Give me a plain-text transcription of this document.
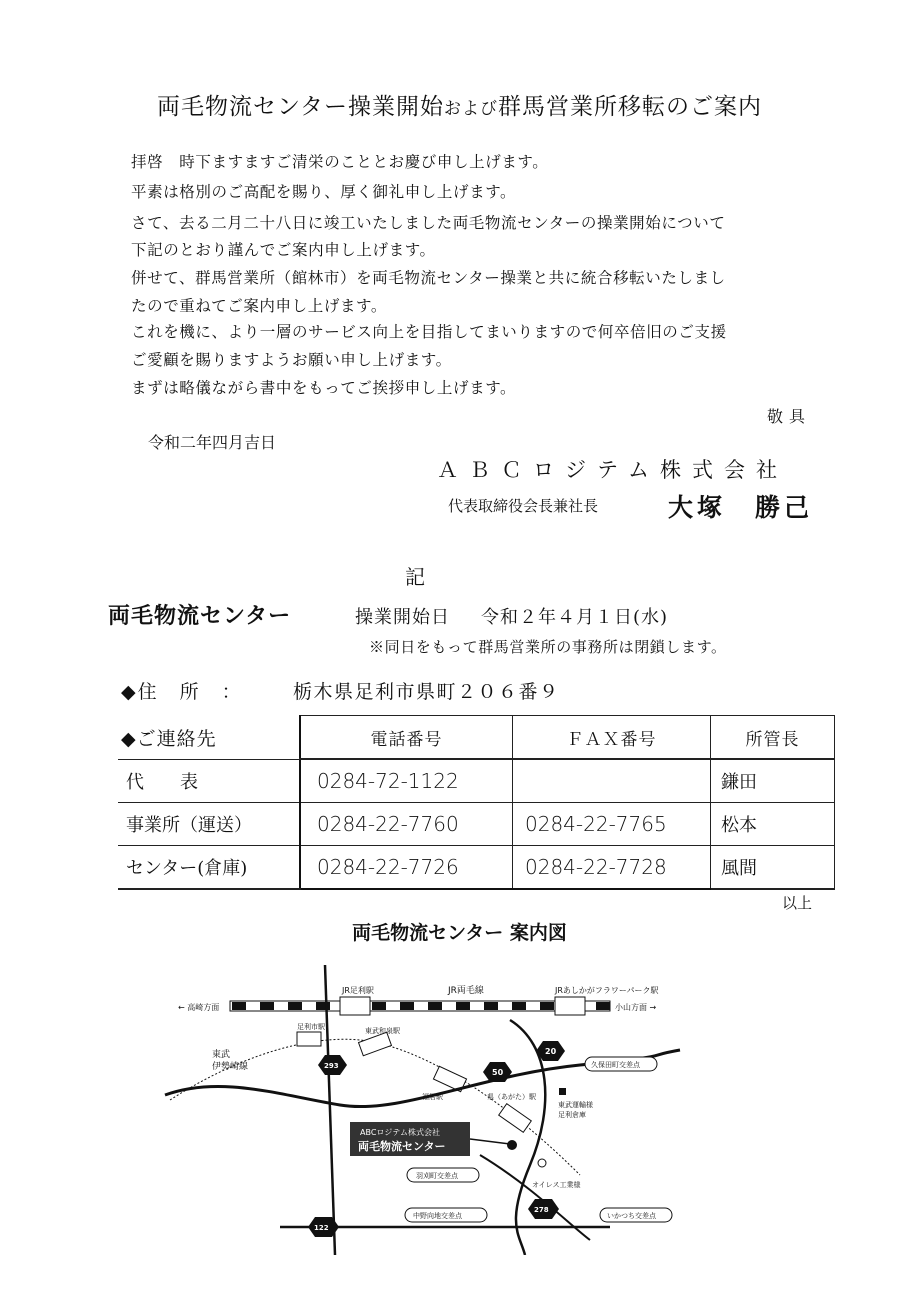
両毛物流センター操業開始および群馬営業所移転のご案内
拝啓　時下ますますご清栄のこととお慶び申し上げます。
平素は格別のご高配を賜り、厚く御礼申し上げます。
さて、去る二月二十八日に竣工いたしました両毛物流センターの操業開始について
下記のとおり謹んでご案内申し上げます。
併せて、群馬営業所（館林市）を両毛物流センター操業と共に統合移転いたしまし
たので重ねてご案内申し上げます。
これを機に、より一層のサービス向上を目指してまいりますので何卒倍旧のご支援
ご愛顧を賜りますようお願い申し上げます。
まずは略儀ながら書中をもってご挨拶申し上げます。
敬具
令和二年四月吉日
ＡＢＣロジテム株式会社
代表取締役会長兼社長	大塚　勝己
記
両毛物流センター	操業開始日 令和２年４月１日(水)
※同日をもって群馬営業所の事務所は閉鎖します。
◆住　所　：	栃木県足利市県町２０６番９
◆ご連絡先	電話番号	ＦＡＸ番号	所管長
代　　表	0284-72-1122		鎌田
事業所（運送）	0284-22-7760	0284-22-7765	松本
センター(倉庫)	0284-22-7726	0284-22-7728	風間
以上
両毛物流センター 案内図
← 高崎方面	小山方面 →
JR両毛線
JR足利駅	JRあしかがフラワーパーク駅
足利市駅	東武和泉駅
東武
伊勢崎線
福居駅	県（あがた）駅
293
50
20
278
122
久保田町交差点
東武運輸様
足利倉庫
ABCロジテム株式会社
両毛物流センター
羽刈町交差点
オイレス工業様
中野向地交差点	いかつち交差点
